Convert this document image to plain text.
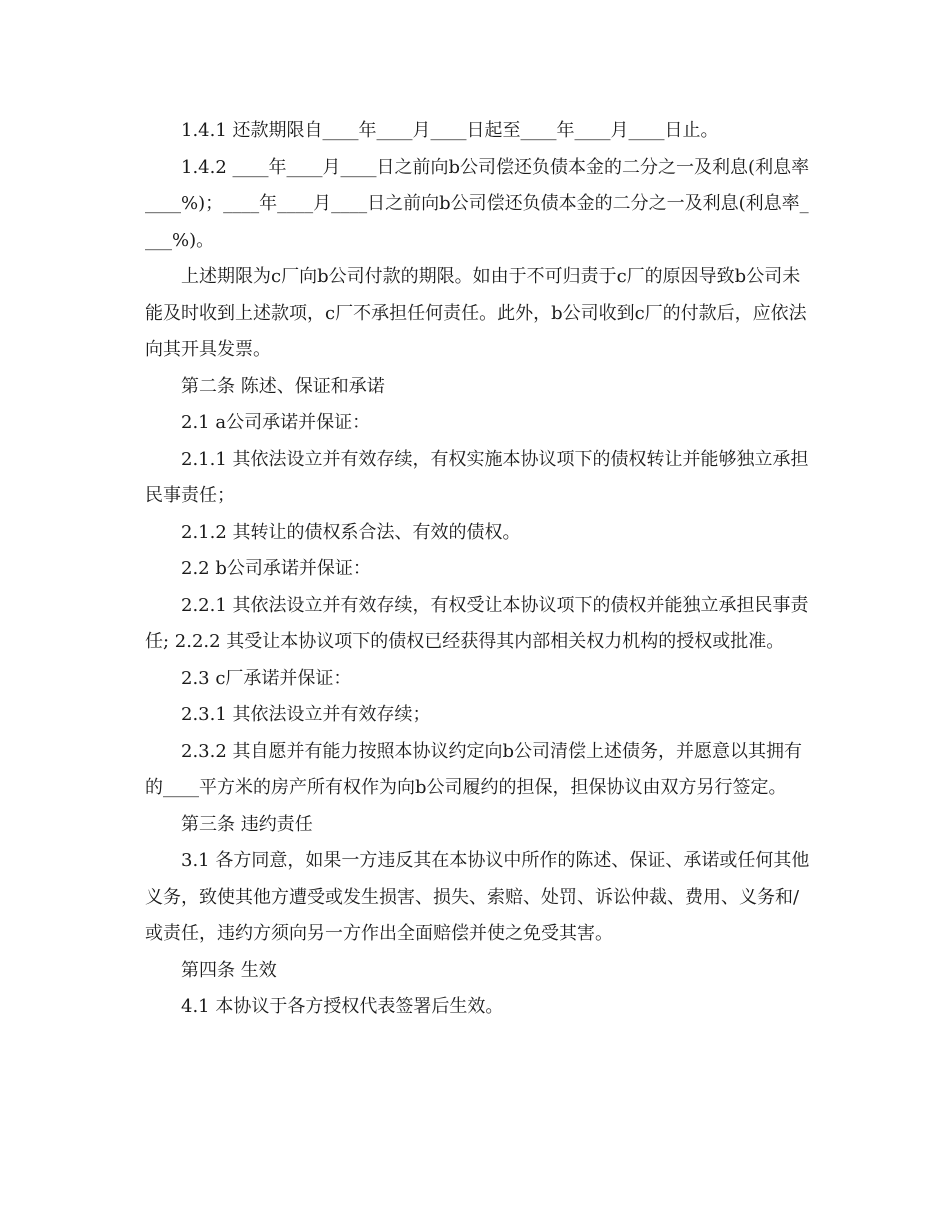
1.4.1 还款期限自____年____月____日起至____年____月____日止。

1.4.2 ____年____月____日之前向b公司偿还负债本金的二分之一及利息(利息率____%)；____年____月____日之前向b公司偿还负债本金的二分之一及利息(利息率____%)。

上述期限为c厂向b公司付款的期限。如由于不可归责于c厂的原因导致b公司未能及时收到上述款项，c厂不承担任何责任。此外，b公司收到c厂的付款后，应依法向其开具发票。

第二条 陈述、保证和承诺

2.1 a公司承诺并保证：

2.1.1 其依法设立并有效存续，有权实施本协议项下的债权转让并能够独立承担民事责任；

2.1.2 其转让的债权系合法、有效的债权。

2.2 b公司承诺并保证：

2.2.1 其依法设立并有效存续，有权受让本协议项下的债权并能独立承担民事责任; 2.2.2 其受让本协议项下的债权已经获得其内部相关权力机构的授权或批准。

2.3 c厂承诺并保证：

2.3.1 其依法设立并有效存续；

2.3.2 其自愿并有能力按照本协议约定向b公司清偿上述债务，并愿意以其拥有的____平方米的房产所有权作为向b公司履约的担保，担保协议由双方另行签定。

第三条 违约责任

3.1 各方同意，如果一方违反其在本协议中所作的陈述、保证、承诺或任何其他义务，致使其他方遭受或发生损害、损失、索赔、处罚、诉讼仲裁、费用、义务和/或责任，违约方须向另一方作出全面赔偿并使之免受其害。

第四条 生效

4.1 本协议于各方授权代表签署后生效。
